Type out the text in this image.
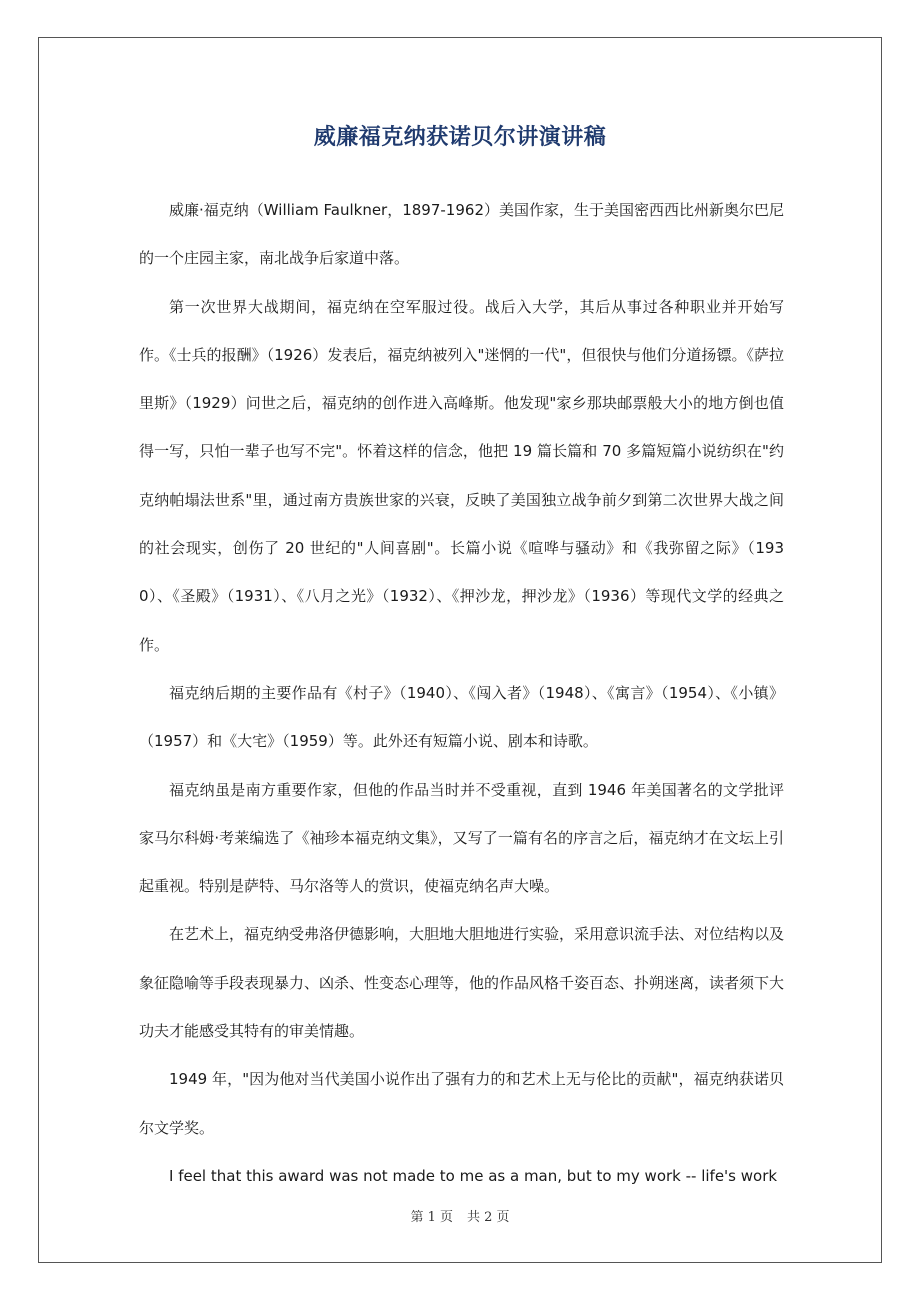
威廉福克纳获诺贝尔讲演讲稿

威廉·福克纳（William Faulkner，1897-1962）美国作家，生于美国密西西比州新奥尔巴尼的一个庄园主家，南北战争后家道中落。

第一次世界大战期间，福克纳在空军服过役。战后入大学，其后从事过各种职业并开始写作。《士兵的报酬》（1926）发表后，福克纳被列入"迷惘的一代"，但很快与他们分道扬镖。《萨拉里斯》（1929）问世之后，福克纳的创作进入高峰斯。他发现"家乡那块邮票般大小的地方倒也值得一写，只怕一辈子也写不完"。怀着这样的信念，他把 19 篇长篇和 70 多篇短篇小说纺织在"约克纳帕塌法世系"里，通过南方贵族世家的兴衰，反映了美国独立战争前夕到第二次世界大战之间的社会现实，创伤了 20 世纪的"人间喜剧"。长篇小说《喧哗与骚动》和《我弥留之际》（1930）、《圣殿》（1931）、《八月之光》（1932）、《押沙龙，押沙龙》（1936）等现代文学的经典之作。

福克纳后期的主要作品有《村子》（1940）、《闯入者》（1948）、《寓言》（1954）、《小镇》（1957）和《大宅》（1959）等。此外还有短篇小说、剧本和诗歌。

福克纳虽是南方重要作家，但他的作品当时并不受重视，直到 1946 年美国著名的文学批评家马尔科姆·考莱编选了《袖珍本福克纳文集》，又写了一篇有名的序言之后，福克纳才在文坛上引起重视。特别是萨特、马尔洛等人的赏识，使福克纳名声大噪。

在艺术上，福克纳受弗洛伊德影响，大胆地大胆地进行实验，采用意识流手法、对位结构以及象征隐喻等手段表现暴力、凶杀、性变态心理等，他的作品风格千姿百态、扑朔迷离，读者须下大功夫才能感受其特有的审美情趣。

1949 年，"因为他对当代美国小说作出了强有力的和艺术上无与伦比的贡献"，福克纳获诺贝尔文学奖。

I feel that this award was not made to me as a man, but to my work -- life's work

第 1 页 共 2 页
